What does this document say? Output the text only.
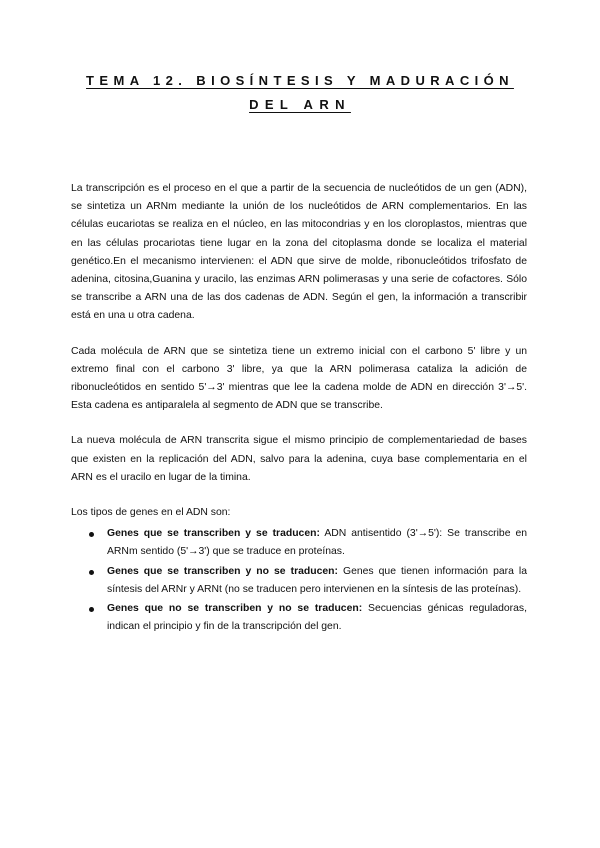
TEMA 12. BIOSÍNTESIS Y MADURACIÓN
DEL ARN

La transcripción es el proceso en el que a partir de la secuencia de nucleótidos de un gen (ADN), se sintetiza un ARNm mediante la unión de los nucleótidos de ARN complementarios. En las células eucariotas se realiza en el núcleo, en las mitocondrias y en los cloroplastos, mientras que en las células procariotas tiene lugar en la zona del citoplasma donde se localiza el material genético.En el mecanismo intervienen: el ADN que sirve de molde, ribonucleótidos trifosfato de adenina, citosina,Guanina y uracilo, las enzimas ARN polimerasas y una serie de cofactores. Sólo se transcribe a ARN una de las dos cadenas de ADN. Según el gen, la información a transcribir está en una u otra cadena.

Cada molécula de ARN que se sintetiza tiene un extremo inicial con el carbono 5' libre y un extremo final con el carbono 3' libre, ya que la ARN polimerasa cataliza la adición de ribonucleótidos en sentido 5'→3' mientras que lee la cadena molde de ADN en dirección 3'→5'. Esta cadena es antiparalela al segmento de ADN que se transcribe.

La nueva molécula de ARN transcrita sigue el mismo principio de complementariedad de bases que existen en la replicación del ADN, salvo para la adenina, cuya base complementaria en el ARN es el uracilo en lugar de la timina.

Los tipos de genes en el ADN son:

Genes que se transcriben y se traducen: ADN antisentido (3'→5'): Se transcribe en ARNm sentido (5'→3') que se traduce en proteínas.
Genes que se transcriben y no se traducen: Genes que tienen información para la síntesis del ARNr y ARNt (no se traducen pero intervienen en la síntesis de las proteínas).
Genes que no se transcriben y no se traducen: Secuencias génicas reguladoras, indican el principio y fin de la transcripción del gen.
